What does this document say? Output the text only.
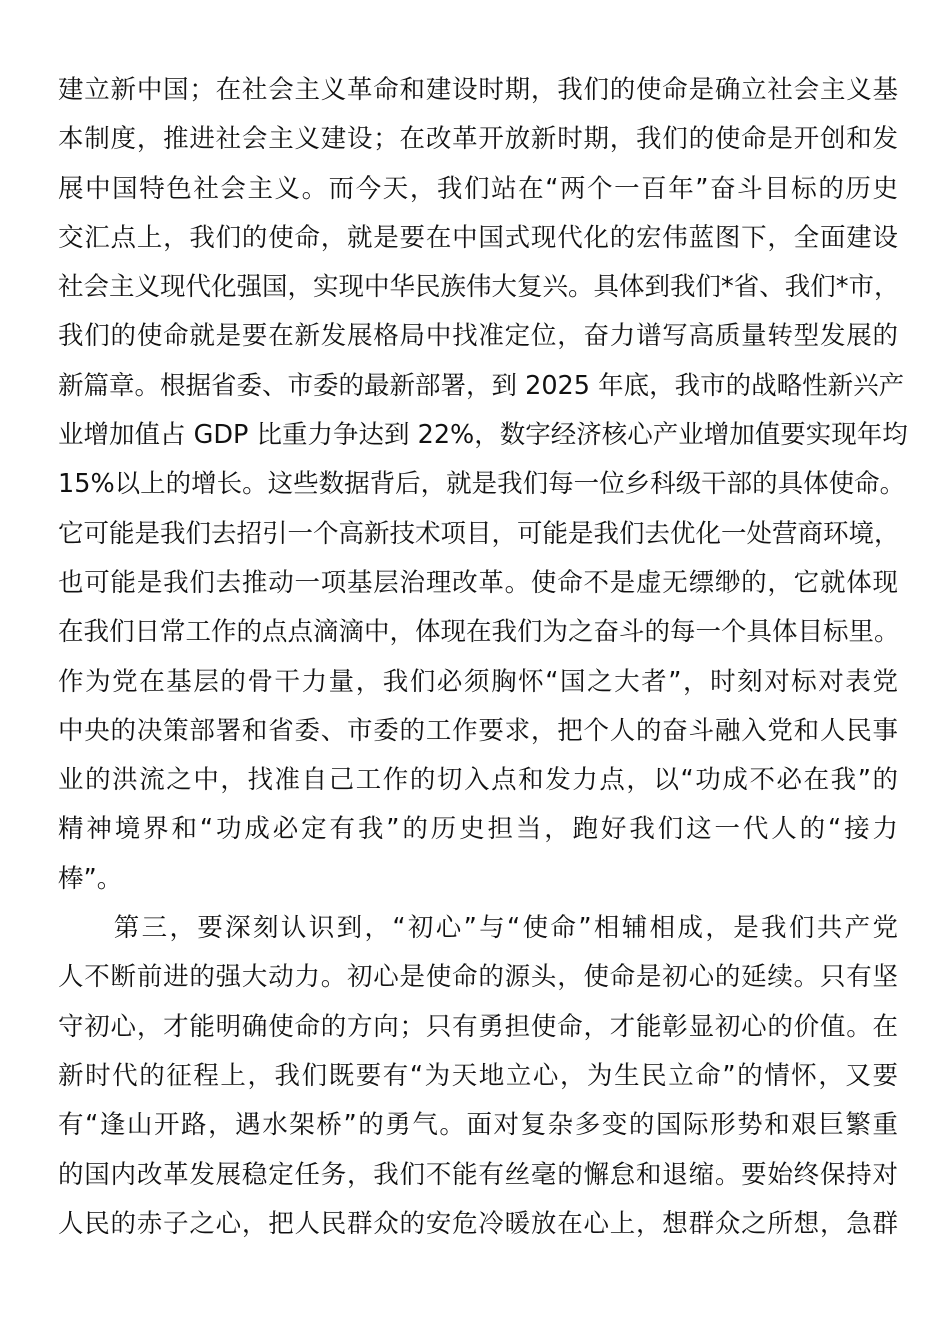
建立新中国；在社会主义革命和建设时期，我们的使命是确立社会主义基
本制度，推进社会主义建设；在改革开放新时期，我们的使命是开创和发
展中国特色社会主义。而今天，我们站在“两个一百年”奋斗目标的历史
交汇点上，我们的使命，就是要在中国式现代化的宏伟蓝图下，全面建设
社会主义现代化强国，实现中华民族伟大复兴。具体到我们*省、我们*市，
我们的使命就是要在新发展格局中找准定位，奋力谱写高质量转型发展的
新篇章。根据省委、市委的最新部署，到 2025 年底，我市的战略性新兴产
业增加值占 GDP 比重力争达到 22%，数字经济核心产业增加值要实现年均
15%以上的增长。这些数据背后，就是我们每一位乡科级干部的具体使命。
它可能是我们去招引一个高新技术项目，可能是我们去优化一处营商环境，
也可能是我们去推动一项基层治理改革。使命不是虚无缥缈的，它就体现
在我们日常工作的点点滴滴中，体现在我们为之奋斗的每一个具体目标里。
作为党在基层的骨干力量，我们必须胸怀“国之大者”，时刻对标对表党
中央的决策部署和省委、市委的工作要求，把个人的奋斗融入党和人民事
业的洪流之中，找准自己工作的切入点和发力点，以“功成不必在我”的
精神境界和“功成必定有我”的历史担当，跑好我们这一代人的“接力
棒”。
　　第三，要深刻认识到，“初心”与“使命”相辅相成，是我们共产党
人不断前进的强大动力。初心是使命的源头，使命是初心的延续。只有坚
守初心，才能明确使命的方向；只有勇担使命，才能彰显初心的价值。在
新时代的征程上，我们既要有“为天地立心，为生民立命”的情怀，又要
有“逢山开路，遇水架桥”的勇气。面对复杂多变的国际形势和艰巨繁重
的国内改革发展稳定任务，我们不能有丝毫的懈怠和退缩。要始终保持对
人民的赤子之心，把人民群众的安危冷暖放在心上，想群众之所想，急群
